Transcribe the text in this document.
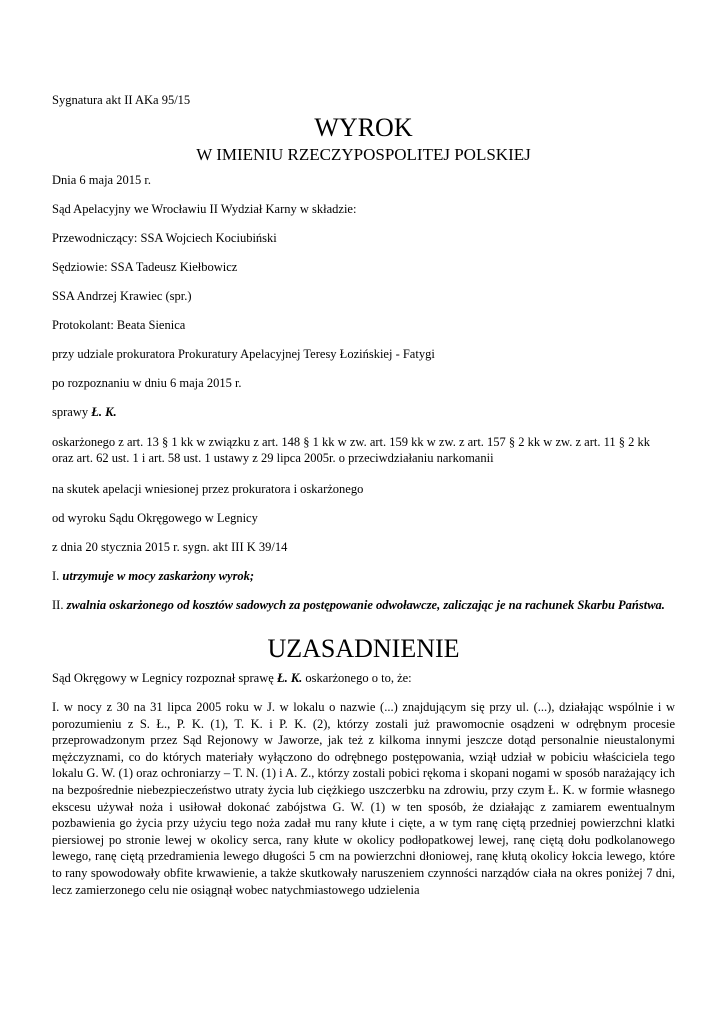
Sygnatura akt II AKa 95/15
WYROK
W IMIENIU RZECZYPOSPOLITEJ POLSKIEJ
Dnia 6 maja 2015 r.
Sąd Apelacyjny we Wrocławiu II Wydział Karny w składzie:
Przewodniczący: SSA Wojciech Kociubiński
Sędziowie: SSA Tadeusz Kiełbowicz
SSA Andrzej Krawiec (spr.)
Protokolant: Beata Sienica
przy udziale prokuratora Prokuratury Apelacyjnej Teresy Łozińskiej - Fatygi
po rozpoznaniu w dniu 6 maja 2015 r.
sprawy Ł. K.
oskarżonego z art. 13 § 1 kk w związku z art. 148 § 1 kk w zw. art. 159 kk w zw. z art. 157 § 2 kk w zw. z art. 11 § 2 kk
oraz art. 62 ust. 1 i art. 58 ust. 1 ustawy z 29 lipca 2005r. o przeciwdziałaniu narkomanii
na skutek apelacji wniesionej przez prokuratora i oskarżonego
od wyroku Sądu Okręgowego w Legnicy
z dnia 20 stycznia 2015 r. sygn. akt III K 39/14
I. utrzymuje w mocy zaskarżony wyrok;
II. zwalnia oskarżonego od kosztów sadowych za postępowanie odwoławcze, zaliczając je na rachunek Skarbu Państwa.
UZASADNIENIE
Sąd Okręgowy w Legnicy rozpoznał sprawę Ł. K. oskarżonego o to, że:
I. w nocy z 30 na 31 lipca 2005 roku w J. w lokalu o nazwie (...) znajdującym się przy ul. (...), działając wspólnie i w porozumieniu z S. Ł., P. K. (1), T. K. i P. K. (2), którzy zostali już prawomocnie osądzeni w odrębnym procesie przeprowadzonym przez Sąd Rejonowy w Jaworze, jak też z kilkoma innymi jeszcze dotąd personalnie nieustalonymi mężczyznami, co do których materiały wyłączono do odrębnego postępowania, wziął udział w pobiciu właściciela tego lokalu G. W. (1) oraz ochroniarzy – T. N. (1) i A. Z., którzy zostali pobici rękoma i skopani nogami w sposób narażający ich na bezpośrednie niebezpieczeństwo utraty życia lub ciężkiego uszczerbku na zdrowiu, przy czym Ł. K. w formie własnego ekscesu używał noża i usiłował dokonać zabójstwa G. W. (1) w ten sposób, że działając z zamiarem ewentualnym pozbawienia go życia przy użyciu tego noża zadał mu rany kłute i cięte, a w tym ranę ciętą przedniej powierzchni klatki piersiowej po stronie lewej w okolicy serca, rany kłute w okolicy podłopatkowej lewej, ranę ciętą dołu podkolanowego lewego, ranę ciętą przedramienia lewego długości 5 cm na powierzchni dłoniowej, ranę kłutą okolicy łokcia lewego, które to rany spowodowały obfite krwawienie, a także skutkowały naruszeniem czynności narządów ciała na okres poniżej 7 dni, lecz zamierzonego celu nie osiągnął wobec natychmiastowego udzielenia
